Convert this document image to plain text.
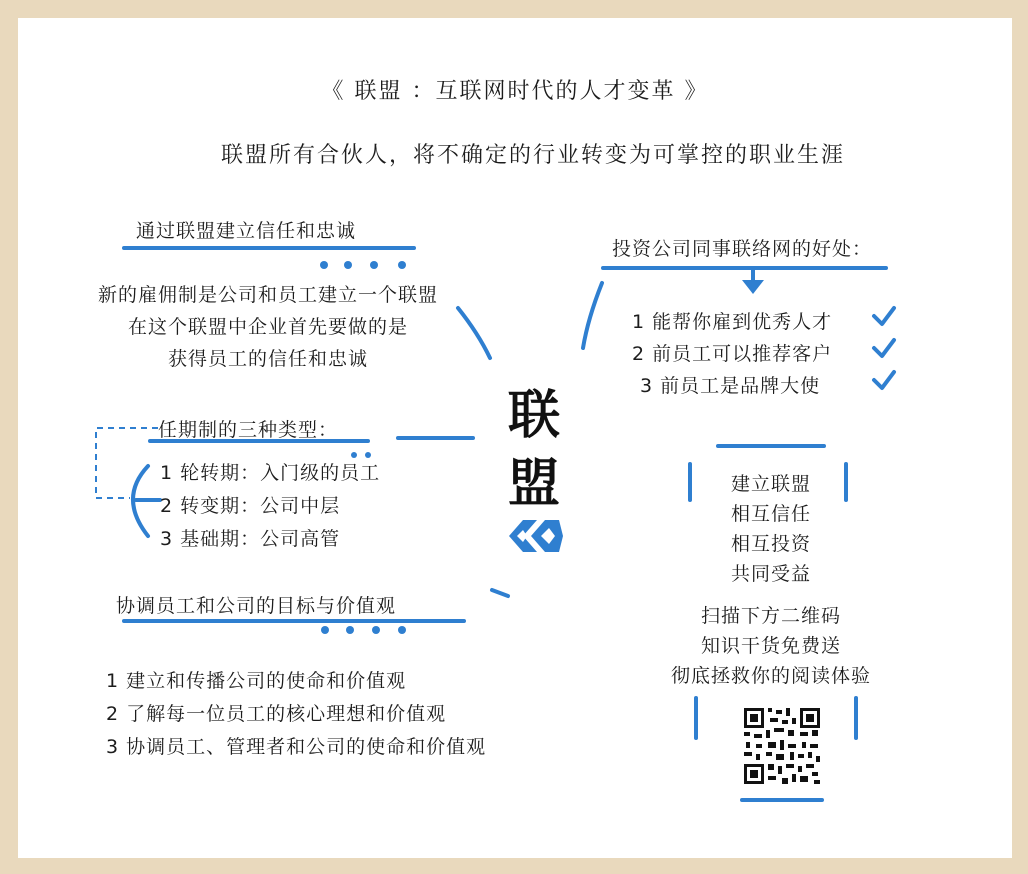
《 联盟 ：互联网时代的人才变革 》
联盟所有合伙人，将不确定的行业转变为可掌控的职业生涯
通过联盟建立信任和忠诚
新的雇佣制是公司和员工建立一个联盟
在这个联盟中企业首先要做的是
获得员工的信任和忠诚
任期制的三种类型：
1 轮转期：入门级的员工
2 转变期：公司中层
3 基础期：公司高管
协调员工和公司的目标与价值观
1 建立和传播公司的使命和价值观
2 了解每一位员工的核心理想和价值观
3 协调员工、管理者和公司的使命和价值观
联
盟
投资公司同事联络网的好处：
1 能帮你雇到优秀人才
2 前员工可以推荐客户
3 前员工是品牌大使
建立联盟
相互信任
相互投资
共同受益
扫描下方二维码
知识干货免费送
彻底拯救你的阅读体验
